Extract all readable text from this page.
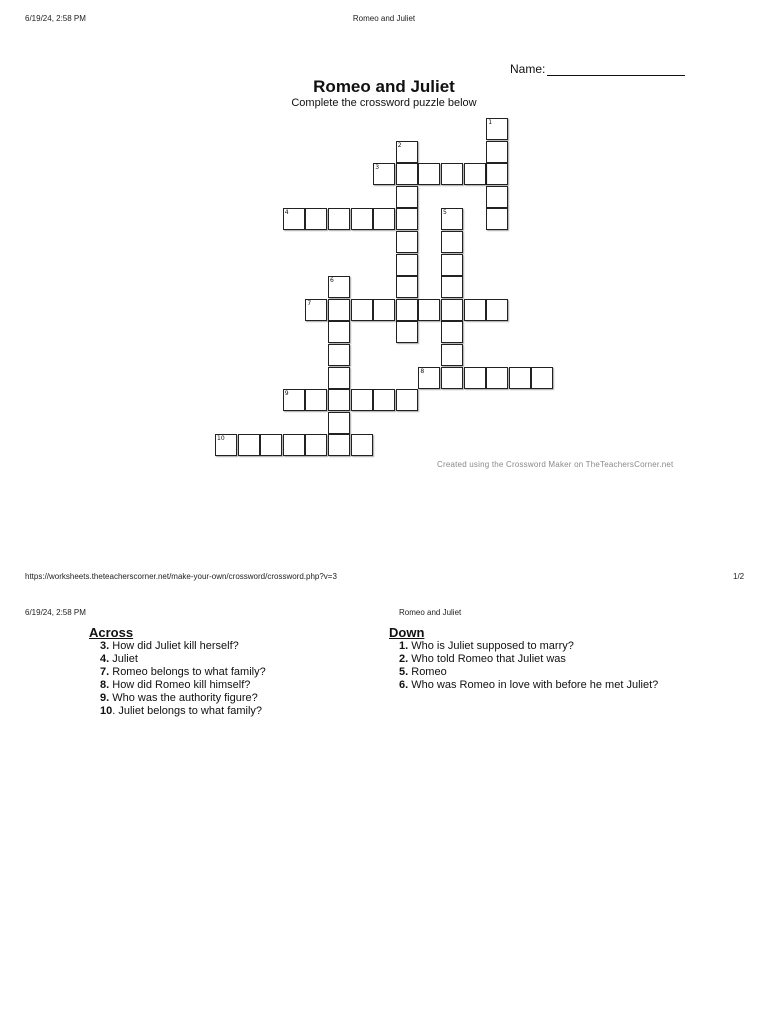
6/19/24, 2:58 PM	Romeo and Juliet
Name:
Romeo and Juliet
Complete the crossword puzzle below
1
2
3
4	5
6
7
8
9
10
Created using the Crossword Maker on TheTeachersCorner.net
https://worksheets.theteacherscorner.net/make-your-own/crossword/crossword.php?v=3	1/2
6/19/24, 2:58 PM	Romeo and Juliet
Across
3. How did Juliet kill herself?
4. Juliet
7. Romeo belongs to what family?
8. How did Romeo kill himself?
9. Who was the authority figure?
10. Juliet belongs to what family?
Down
1. Who is Juliet supposed to marry?
2. Who told Romeo that Juliet was
5. Romeo
6. Who was Romeo in love with before he met Juliet?
